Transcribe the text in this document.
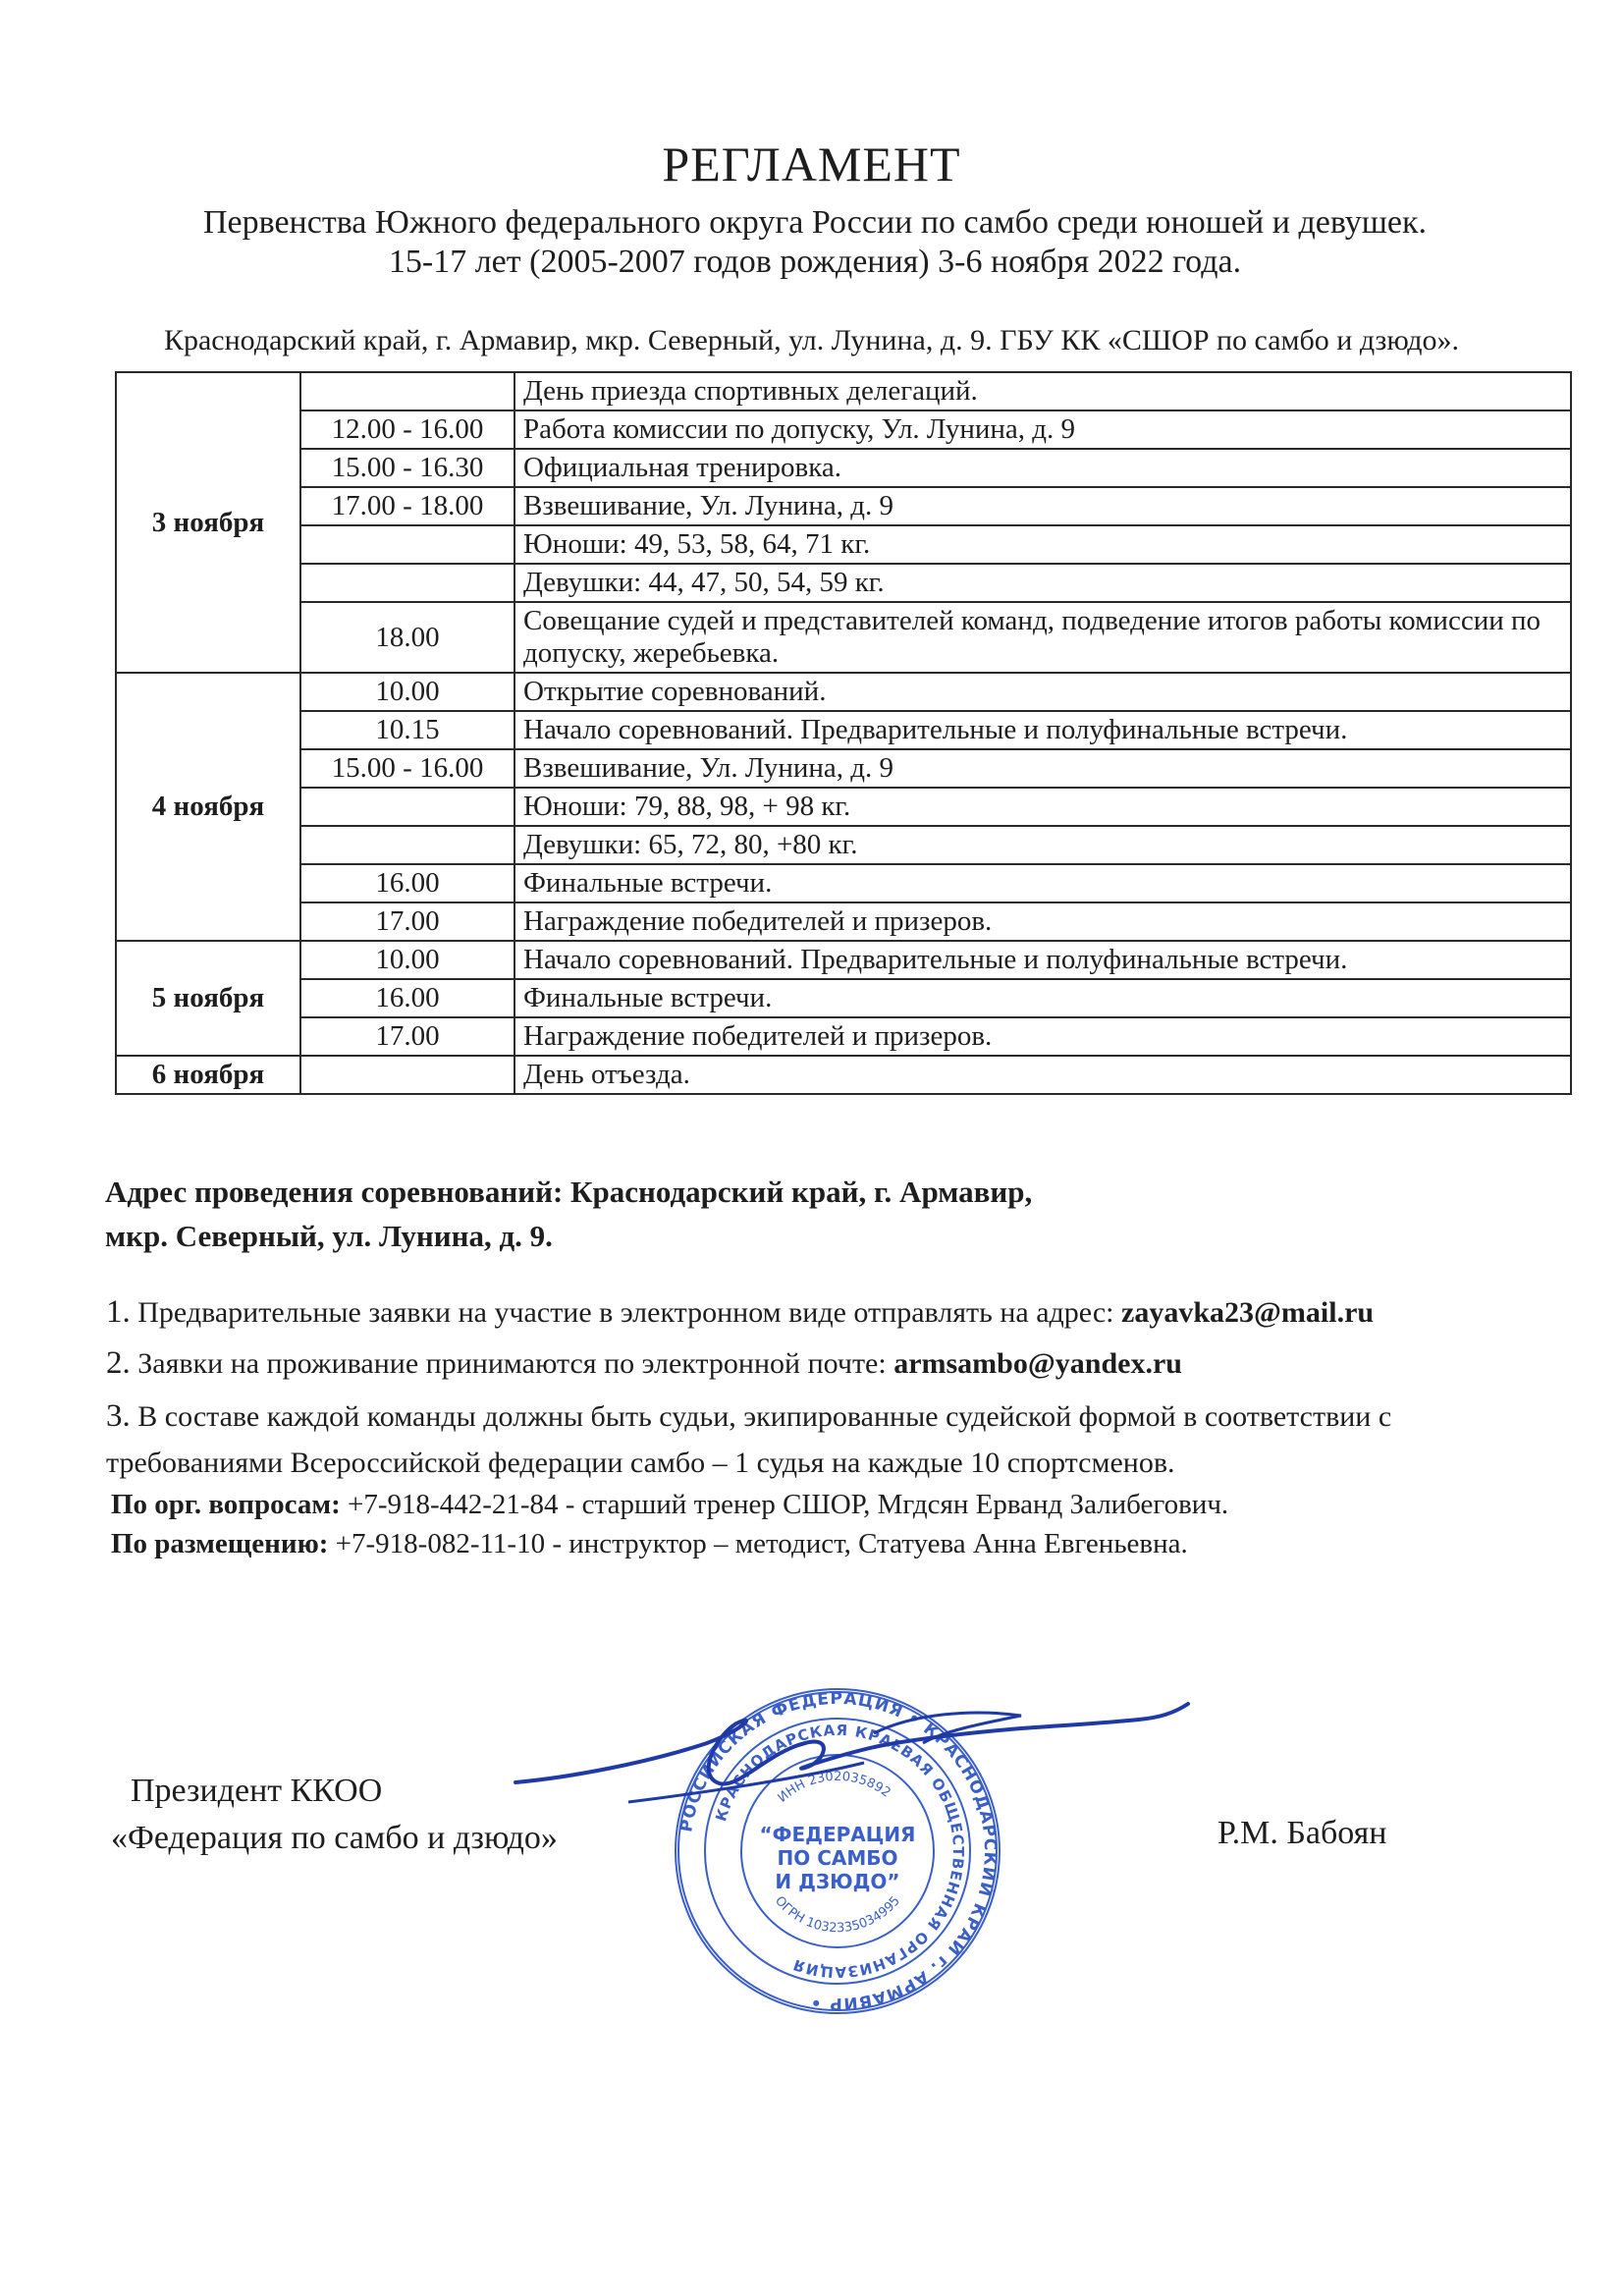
РЕГЛАМЕНТ
Первенства Южного федерального округа России по самбо среди юношей и девушек.
15-17 лет (2005-2007 годов рождения) 3-6 ноября 2022 года.
Краснодарский край, г. Армавир, мкр. Северный, ул. Лунина, д. 9. ГБУ КК «СШОР по самбо и дзюдо».
3 ноября		День приезда спортивных делегаций.
	12.00 - 16.00	Работа комиссии по допуску, Ул. Лунина, д. 9
	15.00 - 16.30	Официальная тренировка.
	17.00 - 18.00	Взвешивание, Ул. Лунина, д. 9
		Юноши: 49, 53, 58, 64, 71 кг.
		Девушки: 44, 47, 50, 54, 59 кг.
	18.00	Совещание судей и представителей команд, подведение итогов работы комиссии по допуску, жеребьевка.
4 ноября	10.00	Открытие соревнований.
	10.15	Начало соревнований. Предварительные и полуфинальные встречи.
	15.00 - 16.00	Взвешивание, Ул. Лунина, д. 9
		Юноши: 79, 88, 98, + 98 кг.
		Девушки: 65, 72, 80, +80 кг.
	16.00	Финальные встречи.
	17.00	Награждение победителей и призеров.
5 ноября	10.00	Начало соревнований. Предварительные и полуфинальные встречи.
	16.00	Финальные встречи.
	17.00	Награждение победителей и призеров.
6 ноября		День отъезда.
Адрес проведения соревнований: Краснодарский край, г. Армавир,
мкр. Северный, ул. Лунина, д. 9.
1. Предварительные заявки на участие в электронном виде отправлять на адрес: zayavka23@mail.ru
2. Заявки на проживание принимаются по электронной почте: armsambo@yandex.ru
3. В составе каждой команды должны быть судьи, экипированные судейской формой в соответствии с
требованиями Всероссийской федерации самбо – 1 судья на каждые 10 спортсменов.
По орг. вопросам: +7-918-442-21-84 - старший тренер СШОР, Мгдсян Ерванд Залибегович.
По размещению: +7-918-082-11-10 - инструктор – методист, Статуева Анна Евгеньевна.
Президент ККОО
«Федерация по самбо и дзюдо»	Р.М. Бабоян
РОССИЙСКАЯ ФЕДЕРАЦИЯ • КРАСНОДАРСКИЙ КРАЙ г. АРМАВИР •
КРАСНОДАРСКАЯ КРАЕВАЯ ОБЩЕСТВЕННАЯ ОРГАНИЗАЦИЯ
ИНН 2302035892
ОГРН 1032335034995
“ФЕДЕРАЦИЯ
ПО САМБО
И ДЗЮДО”
